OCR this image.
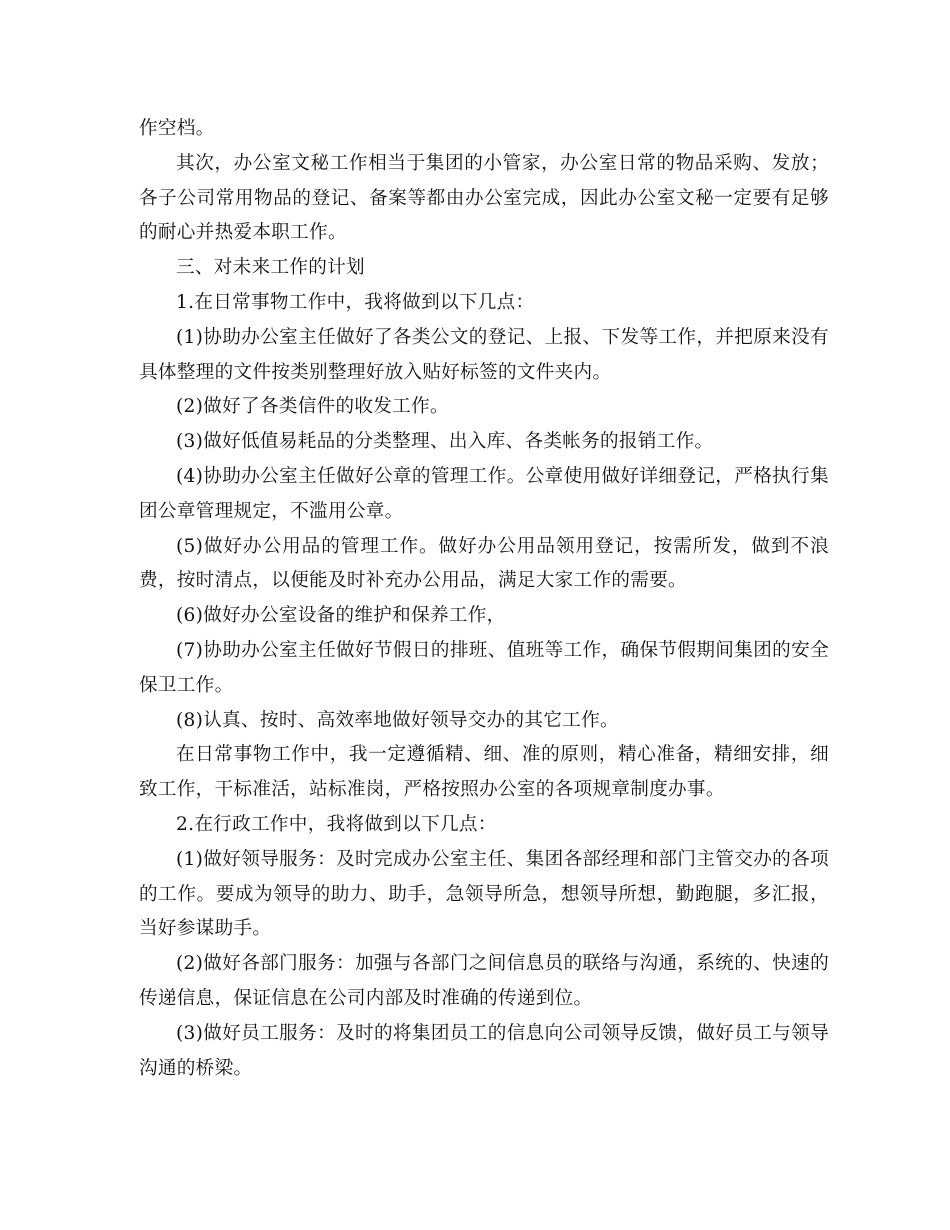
作空档。

其次，办公室文秘工作相当于集团的小管家，办公室日常的物品采购、发放；各子公司常用物品的登记、备案等都由办公室完成，因此办公室文秘一定要有足够的耐心并热爱本职工作。

三、对未来工作的计划

1.在日常事物工作中，我将做到以下几点：

(1)协助办公室主任做好了各类公文的登记、上报、下发等工作，并把原来没有具体整理的文件按类别整理好放入贴好标签的文件夹内。

(2)做好了各类信件的收发工作。

(3)做好低值易耗品的分类整理、出入库、各类帐务的报销工作。

(4)协助办公室主任做好公章的管理工作。公章使用做好详细登记，严格执行集团公章管理规定，不滥用公章。

(5)做好办公用品的管理工作。做好办公用品领用登记，按需所发，做到不浪费，按时清点，以便能及时补充办公用品，满足大家工作的需要。

(6)做好办公室设备的维护和保养工作，

(7)协助办公室主任做好节假日的排班、值班等工作，确保节假期间集团的安全保卫工作。

(8)认真、按时、高效率地做好领导交办的其它工作。

在日常事物工作中，我一定遵循精、细、准的原则，精心准备，精细安排，细致工作，干标准活，站标准岗，严格按照办公室的各项规章制度办事。

2.在行政工作中，我将做到以下几点：

(1)做好领导服务：及时完成办公室主任、集团各部经理和部门主管交办的各项的工作。要成为领导的助力、助手，急领导所急，想领导所想，勤跑腿，多汇报，当好参谋助手。

(2)做好各部门服务：加强与各部门之间信息员的联络与沟通，系统的、快速的传递信息，保证信息在公司内部及时准确的传递到位。

(3)做好员工服务：及时的将集团员工的信息向公司领导反馈，做好员工与领导沟通的桥梁。
